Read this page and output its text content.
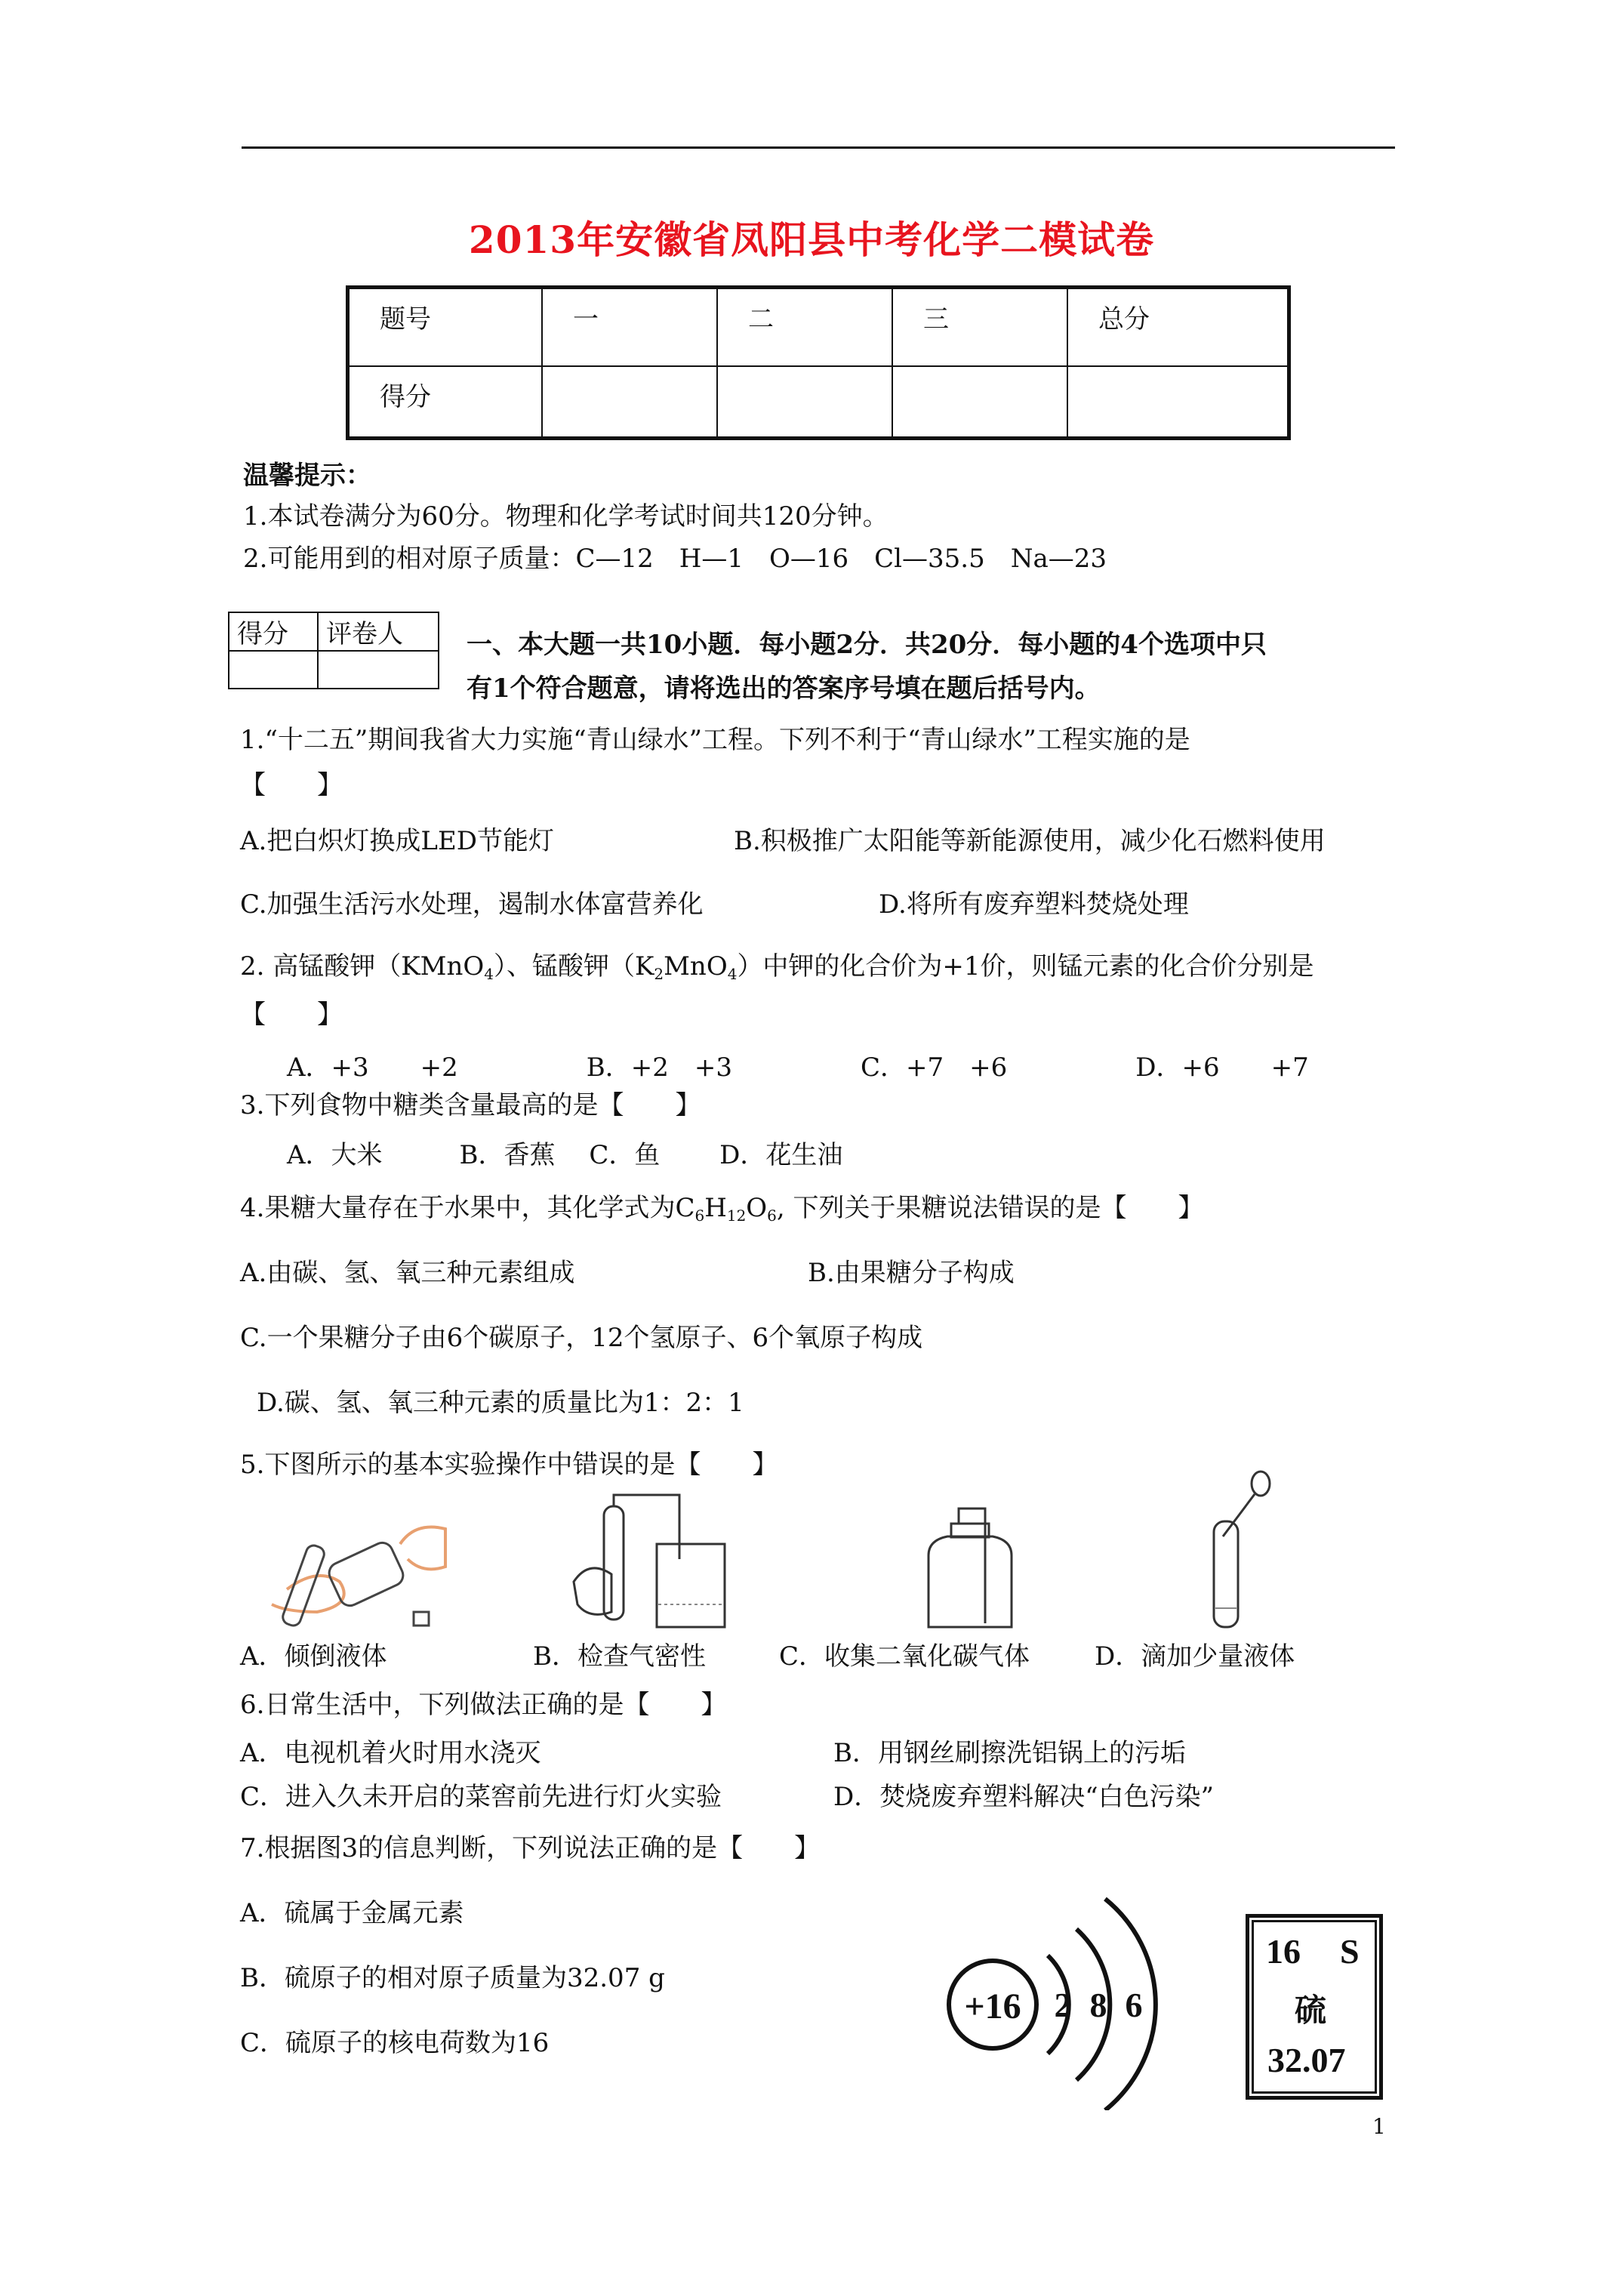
2013年安徽省凤阳县中考化学二模试卷
题号	一	二	三	总分
得分				
温馨提示：
1.本试卷满分为60分。物理和化学考试时间共120分钟。
2.可能用到的相对原子质量：C—12　H—1　O—16　Cl—35.5　Na—23
得分	评卷人
	一、本大题一共10小题．每小题2分．共20分．每小题的4个选项中只
有1个符合题意，请将选出的答案序号填在题后括号内。
1.“十二五”期间我省大力实施“青山绿水”工程。下列不利于“青山绿水”工程实施的是
【　　】
A.把白炽灯换成LED节能灯	B.积极推广太阳能等新能源使用，减少化石燃料使用
C.加强生活污水处理，遏制水体富营养化	D.将所有废弃塑料焚烧处理
2. 高锰酸钾（KMnO$_4$）、锰酸钾$(K_2MnO_4)$中钾的化合价为+1价，则锰元素的化合价分别是
【　　】
A．+3　　+2　　　　　B．+2　+3　　　　　C．+7　+6　　　　　D．+6　　+7
3.下列食物中糖类含量最高的是【　　】
A．大米　　　B．香蕉　 C．鱼　　 D．花生油
4.果糖大量存在于水果中，其化学式为$C_6H_{12}O_6$, 下列关于果糖说法错误的是【　　】
A.由碳、氢、氧三种元素组成	B.由果糖分子构成
C.一个果糖分子由6个碳原子，12个氢原子、6个氧原子构成
D.碳、氢、氧三种元素的质量比为1：2：1
5.下图所示的基本实验操作中错误的是【　　】
A．倾倒液体	B．检查气密性	C．收集二氧化碳气体	D．滴加少量液体
6.日常生活中，下列做法正确的是【　　】
A．电视机着火时用水浇灭	B．用钢丝刷擦洗铝锅上的污垢
C．进入久未开启的菜窖前先进行灯火实验	D．焚烧废弃塑料解决“白色污染”
7.根据图3的信息判断，下列说法正确的是【　　】
A．硫属于金属元素
B．硫原子的相对原子质量为32.07 g
C．硫原子的核电荷数为16
+16 2 8 6
16 S
硫
32.07
1
